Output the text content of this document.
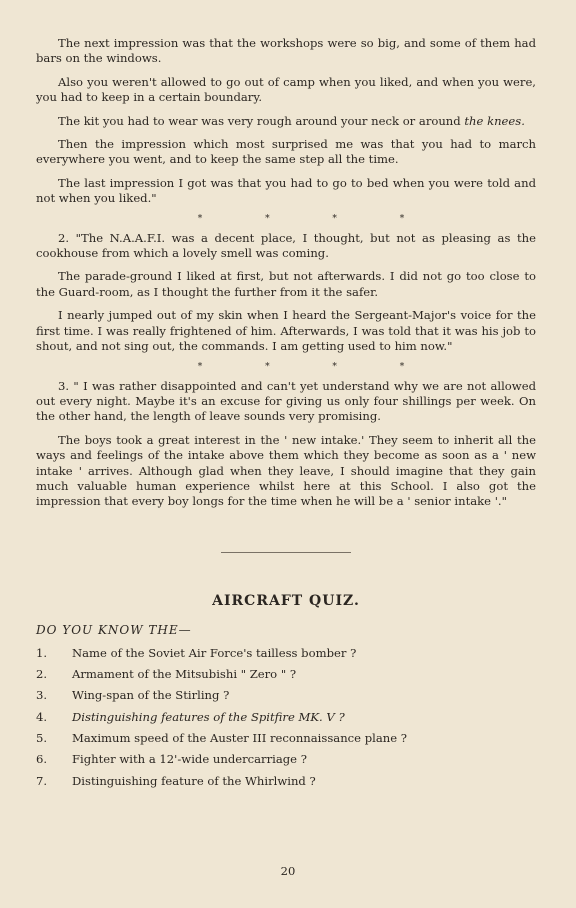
The next impression was that the workshops were so big, and some of them had bars on the windows.

Also you weren't allowed to go out of camp when you liked, and when you were, you had to keep in a certain boundary.

The kit you had to wear was very rough around your neck or around the knees.

Then the impression which most surprised me was that you had to march everywhere you went, and to keep the same step all the time.

The last impression I got was that you had to go to bed when you were told and not when you liked."

* * * *

2. "The N.A.A.F.I. was a decent place, I thought, but not as pleasing as the cookhouse from which a lovely smell was coming.

The parade-ground I liked at first, but not afterwards. I did not go too close to the Guard-room, as I thought the further from it the safer.

I nearly jumped out of my skin when I heard the Sergeant-Major's voice for the first time. I was really frightened of him. Afterwards, I was told that it was his job to shout, and not sing out, the commands. I am getting used to him now."

* * * *

3. " I was rather disappointed and can't yet understand why we are not allowed out every night. Maybe it's an excuse for giving us only four shillings per week. On the other hand, the length of leave sounds very promising.

The boys took a great interest in the ' new intake.' They seem to inherit all the ways and feelings of the intake above them which they become as soon as a ' new intake ' arrives. Although glad when they leave, I should imagine that they gain much valuable human experience whilst here at this School. I also got the impression that every boy longs for the time when he will be a ' senior intake '."

AIRCRAFT QUIZ.
DO YOU KNOW THE—
1.	Name of the Soviet Air Force's tailless bomber ?
2.	Armament of the Mitsubishi " Zero " ?
3.	Wing-span of the Stirling ?
4.	Distinguishing features of the Spitfire MK. V ?
5.	Maximum speed of the Auster III reconnaissance plane ?
6.	Fighter with a 12'-wide undercarriage ?
7.	Distinguishing feature of the Whirlwind ?
20
